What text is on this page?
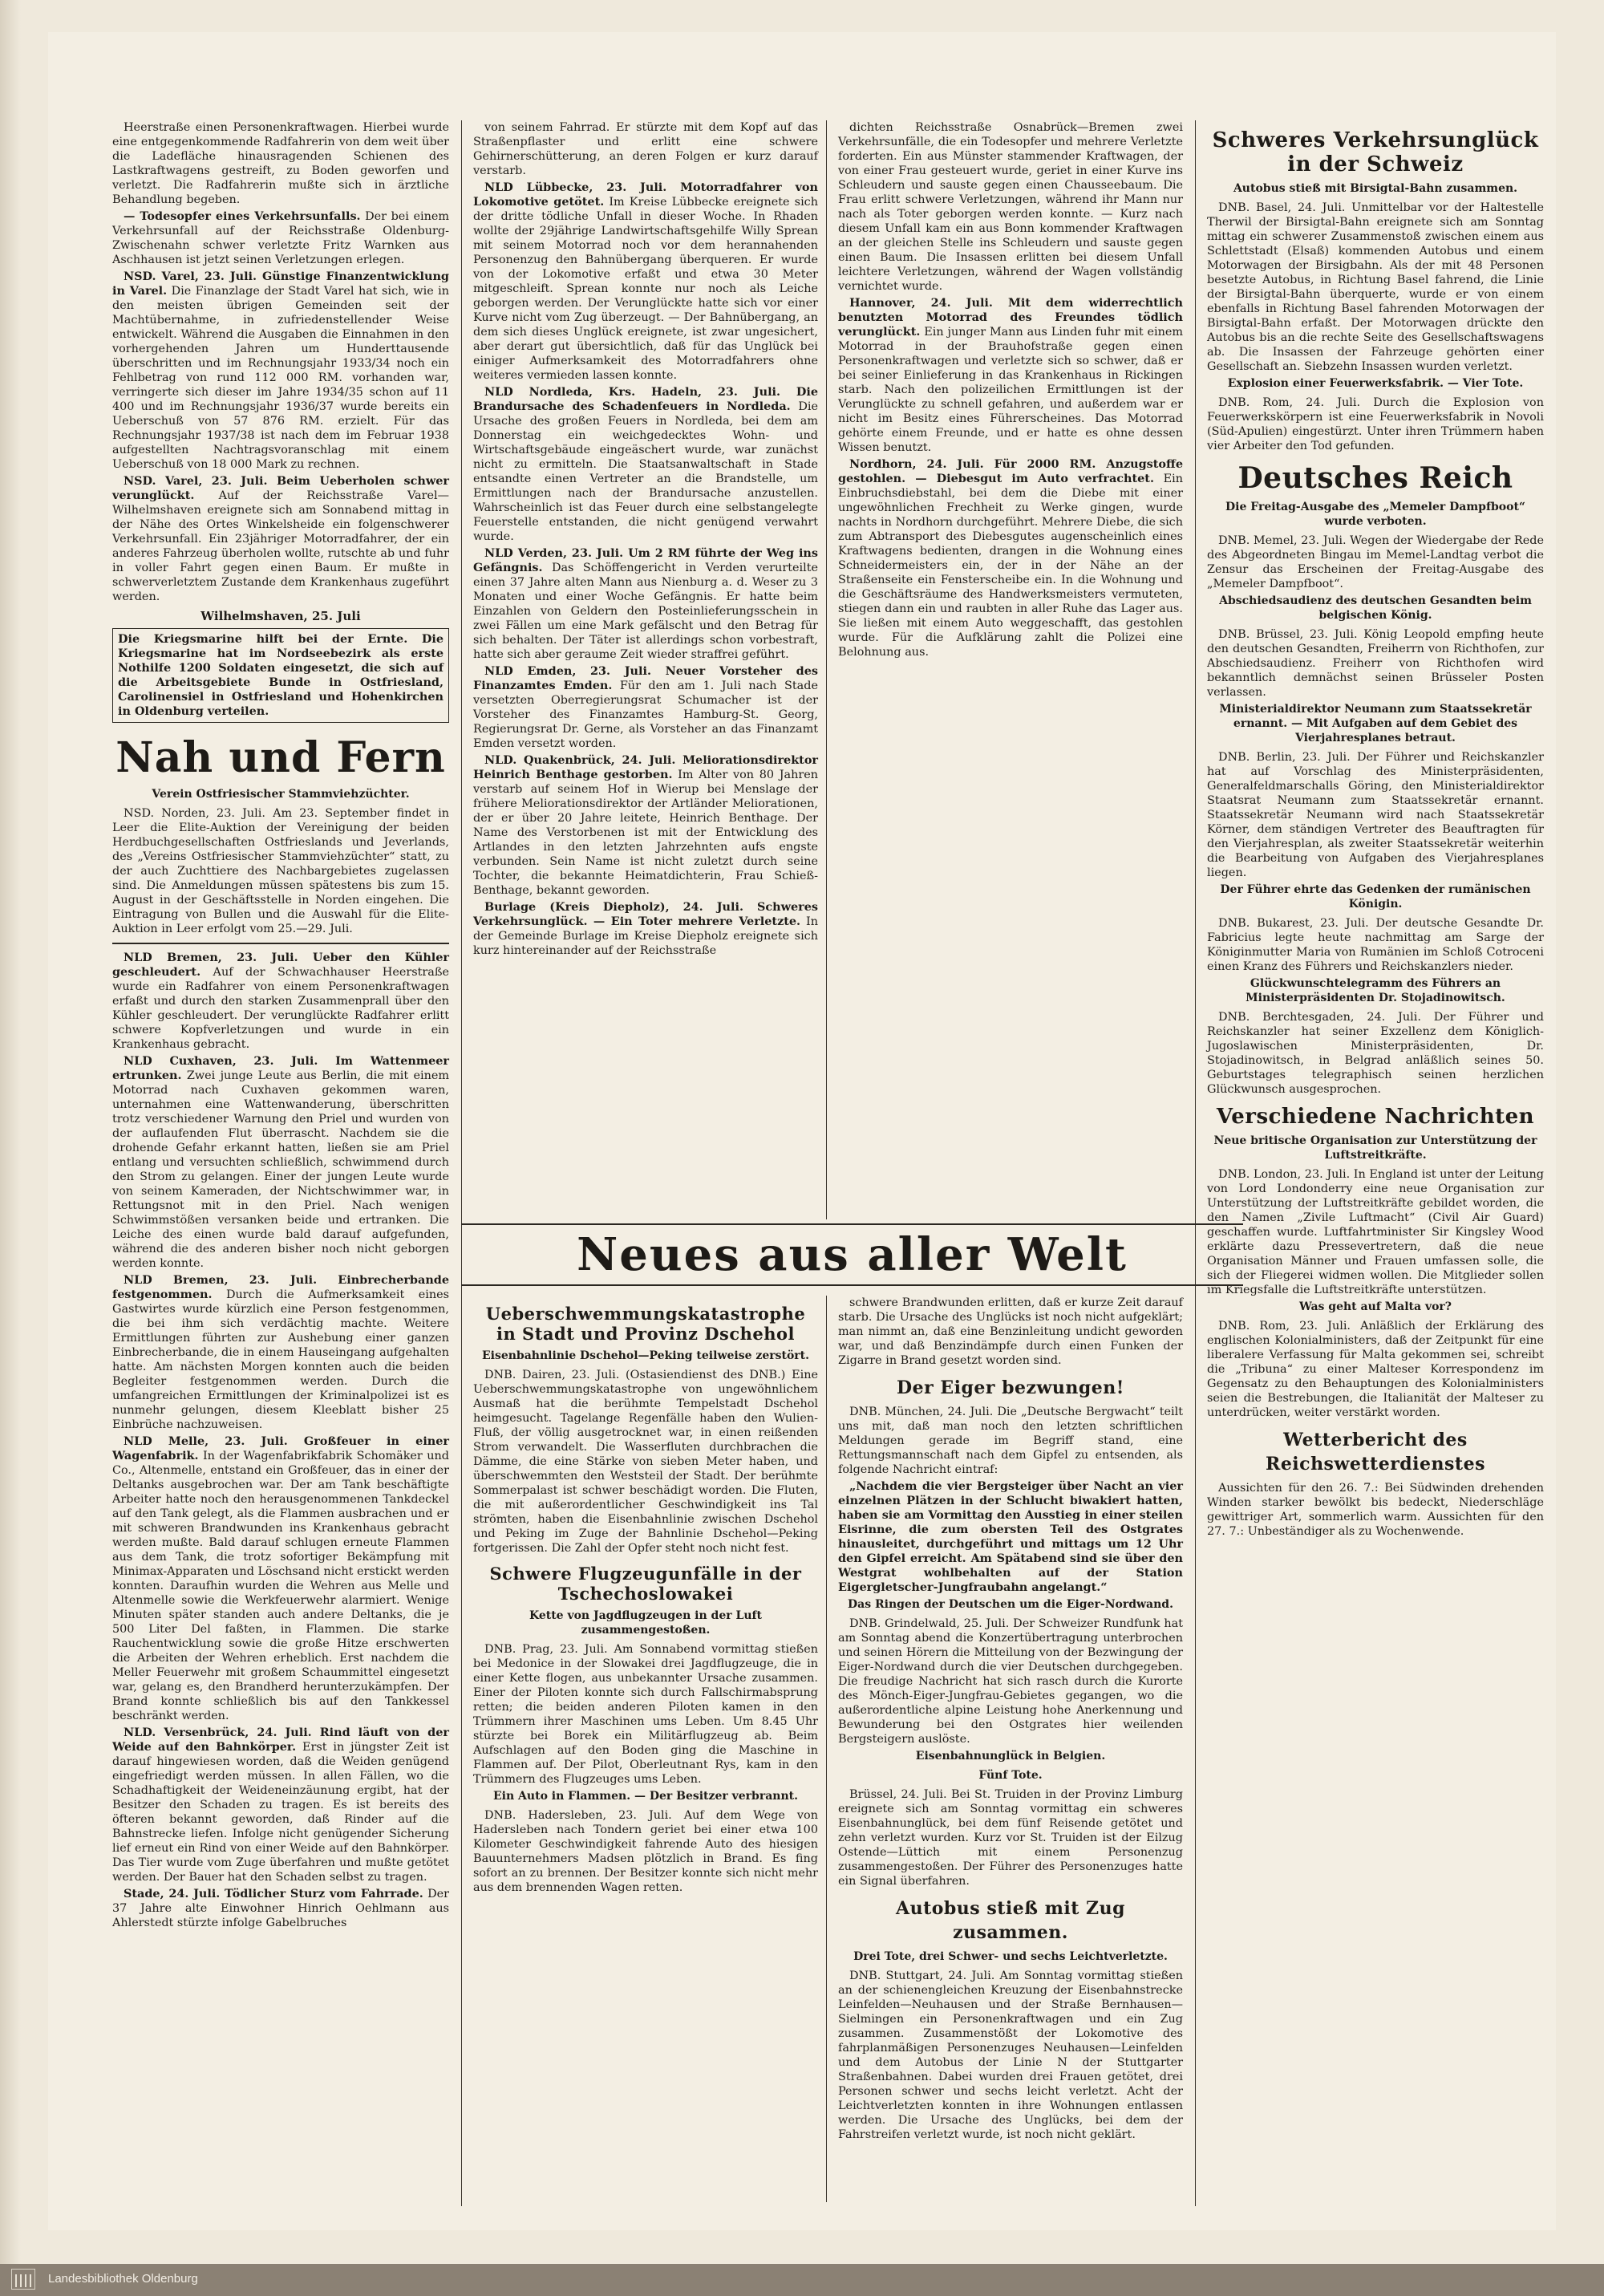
Heerstraße einen Personenkraftwagen. Hierbei wurde eine entgegenkommende Radfahrerin von dem weit über die Ladefläche hinausragenden Schienen des Lastkraftwagens gestreift, zu Boden geworfen und verletzt. Die Radfahrerin mußte sich in ärztliche Behandlung begeben.

— Todesopfer eines Verkehrsunfalls. Der bei einem Verkehrsunfall auf der Reichsstraße Oldenburg-Zwischenahn schwer verletzte Fritz Warnken aus Aschhausen ist jetzt seinen Verletzungen erlegen.

NSD. Varel, 23. Juli. Günstige Finanzentwicklung in Varel. Die Finanzlage der Stadt Varel hat sich, wie in den meisten übrigen Gemeinden seit der Machtübernahme, in zufriedenstellender Weise entwickelt. Während die Ausgaben die Einnahmen in den vorhergehenden Jahren um Hunderttausende überschritten und im Rechnungsjahr 1933/34 noch ein Fehlbetrag von rund 112 000 RM. vorhanden war, verringerte sich dieser im Jahre 1934/35 schon auf 11 400 und im Rechnungsjahr 1936/37 wurde bereits ein Ueberschuß von 57 876 RM. erzielt. Für das Rechnungsjahr 1937/38 ist nach dem im Februar 1938 aufgestellten Nachtragsvoranschlag mit einem Ueberschuß von 18 000 Mark zu rechnen.

NSD. Varel, 23. Juli. Beim Ueberholen schwer verunglückt. Auf der Reichsstraße Varel—Wilhelmshaven ereignete sich am Sonnabend mittag in der Nähe des Ortes Winkelsheide ein folgenschwerer Verkehrsunfall. Ein 23jähriger Motorradfahrer, der ein anderes Fahrzeug überholen wollte, rutschte ab und fuhr in voller Fahrt gegen einen Baum. Er mußte in schwerverletztem Zustande dem Krankenhaus zugeführt werden.

Wilhelmshaven, 25. Juli
Die Kriegsmarine hilft bei der Ernte. Die Kriegsmarine hat im Nordseebezirk als erste Nothilfe 1200 Soldaten eingesetzt, die sich auf die Arbeitsgebiete Bunde in Ostfriesland, Carolinensiel in Ostfriesland und Hohenkirchen in Oldenburg verteilen.
Nah und Fern
Verein Ostfriesischer Stammviehzüchter.

NSD. Norden, 23. Juli. Am 23. September findet in Leer die Elite-Auktion der Vereinigung der beiden Herdbuchgesellschaften Ostfrieslands und Jeverlands, des „Vereins Ostfriesischer Stammviehzüchter“ statt, zu der auch Zuchttiere des Nachbargebietes zugelassen sind. Die Anmeldungen müssen spätestens bis zum 15. August in der Geschäftsstelle in Norden eingehen. Die Eintragung von Bullen und die Auswahl für die Elite-Auktion in Leer erfolgt vom 25.—29. Juli.

NLD Bremen, 23. Juli. Ueber den Kühler geschleudert. Auf der Schwachhauser Heerstraße wurde ein Radfahrer von einem Personenkraftwagen erfaßt und durch den starken Zusammenprall über den Kühler geschleudert. Der verunglückte Radfahrer erlitt schwere Kopfverletzungen und wurde in ein Krankenhaus gebracht.

NLD Cuxhaven, 23. Juli. Im Wattenmeer ertrunken. Zwei junge Leute aus Berlin, die mit einem Motorrad nach Cuxhaven gekommen waren, unternahmen eine Wattenwanderung, überschritten trotz verschiedener Warnung den Priel und wurden von der auflaufenden Flut überrascht. Nachdem sie die drohende Gefahr erkannt hatten, ließen sie am Priel entlang und versuchten schließlich, schwimmend durch den Strom zu gelangen. Einer der jungen Leute wurde von seinem Kameraden, der Nichtschwimmer war, in Rettungsnot mit in den Priel. Nach wenigen Schwimmstößen versanken beide und ertranken. Die Leiche des einen wurde bald darauf aufgefunden, während die des anderen bisher noch nicht geborgen werden konnte.

NLD Bremen, 23. Juli. Einbrecherbande festgenommen. Durch die Aufmerksamkeit eines Gastwirtes wurde kürzlich eine Person festgenommen, die bei ihm sich verdächtig machte. Weitere Ermittlungen führten zur Aushebung einer ganzen Einbrecherbande, die in einem Hauseingang aufgehalten hatte. Am nächsten Morgen konnten auch die beiden Begleiter festgenommen werden. Durch die umfangreichen Ermittlungen der Kriminalpolizei ist es nunmehr gelungen, diesem Kleeblatt bisher 25 Einbrüche nachzuweisen.

NLD Melle, 23. Juli. Großfeuer in einer Wagenfabrik. In der Wagenfabrikfabrik Schomäker und Co., Altenmelle, entstand ein Großfeuer, das in einer der Deltanks ausgebrochen war. Der am Tank beschäftigte Arbeiter hatte noch den herausgenommenen Tankdeckel auf den Tank gelegt, als die Flammen ausbrachen und er mit schweren Brandwunden ins Krankenhaus gebracht werden mußte. Bald darauf schlugen erneute Flammen aus dem Tank, die trotz sofortiger Bekämpfung mit Minimax-Apparaten und Löschsand nicht erstickt werden konnten. Daraufhin wurden die Wehren aus Melle und Altenmelle sowie die Werkfeuerwehr alarmiert. Wenige Minuten später standen auch andere Deltanks, die je 500 Liter Del faßten, in Flammen. Die starke Rauchentwicklung sowie die große Hitze erschwerten die Arbeiten der Wehren erheblich. Erst nachdem die Meller Feuerwehr mit großem Schaummittel eingesetzt war, gelang es, den Brandherd herunterzukämpfen. Der Brand konnte schließlich bis auf den Tankkessel beschränkt werden.

NLD. Versenbrück, 24. Juli. Rind läuft von der Weide auf den Bahnkörper. Erst in jüngster Zeit ist darauf hingewiesen worden, daß die Weiden genügend eingefriedigt werden müssen. In allen Fällen, wo die Schadhaftigkeit der Weideneinzäunung ergibt, hat der Besitzer den Schaden zu tragen. Es ist bereits des öfteren bekannt geworden, daß Rinder auf die Bahnstrecke liefen. Infolge nicht genügender Sicherung lief erneut ein Rind von einer Weide auf den Bahnkörper. Das Tier wurde vom Zuge überfahren und mußte getötet werden. Der Bauer hat den Schaden selbst zu tragen.

Stade, 24. Juli. Tödlicher Sturz vom Fahrrade. Der 37 Jahre alte Einwohner Hinrich Oehlmann aus Ahlerstedt stürzte infolge Gabelbruches

von seinem Fahrrad. Er stürzte mit dem Kopf auf das Straßenpflaster und erlitt eine schwere Gehirnerschütterung, an deren Folgen er kurz darauf verstarb.

NLD Lübbecke, 23. Juli. Motorradfahrer von Lokomotive getötet. Im Kreise Lübbecke ereignete sich der dritte tödliche Unfall in dieser Woche. In Rhaden wollte der 29jährige Landwirtschaftsgehilfe Willy Sprean mit seinem Motorrad noch vor dem herannahenden Personenzug den Bahnübergang überqueren. Er wurde von der Lokomotive erfaßt und etwa 30 Meter mitgeschleift. Sprean konnte nur noch als Leiche geborgen werden. Der Verunglückte hatte sich vor einer Kurve nicht vom Zug überzeugt. — Der Bahnübergang, an dem sich dieses Unglück ereignete, ist zwar ungesichert, aber derart gut übersichtlich, daß für das Unglück bei einiger Aufmerksamkeit des Motorradfahrers ohne weiteres vermieden lassen konnte.

NLD Nordleda, Krs. Hadeln, 23. Juli. Die Brandursache des Schadenfeuers in Nordleda. Die Ursache des großen Feuers in Nordleda, bei dem am Donnerstag ein weichgedecktes Wohn- und Wirtschaftsgebäude eingeäschert wurde, war zunächst nicht zu ermitteln. Die Staatsanwaltschaft in Stade entsandte einen Vertreter an die Brandstelle, um Ermittlungen nach der Brandursache anzustellen. Wahrscheinlich ist das Feuer durch eine selbstangelegte Feuerstelle entstanden, die nicht genügend verwahrt wurde.

NLD Verden, 23. Juli. Um 2 RM führte der Weg ins Gefängnis. Das Schöffengericht in Verden verurteilte einen 37 Jahre alten Mann aus Nienburg a. d. Weser zu 3 Monaten und einer Woche Gefängnis. Er hatte beim Einzahlen von Geldern den Posteinlieferungsschein in zwei Fällen um eine Mark gefälscht und den Betrag für sich behalten. Der Täter ist allerdings schon vorbestraft, hatte sich aber geraume Zeit wieder straffrei geführt.

NLD Emden, 23. Juli. Neuer Vorsteher des Finanzamtes Emden. Für den am 1. Juli nach Stade versetzten Oberregierungsrat Schumacher ist der Vorsteher des Finanzamtes Hamburg-St. Georg, Regierungsrat Dr. Gerne, als Vorsteher an das Finanzamt Emden versetzt worden.

NLD. Quakenbrück, 24. Juli. Meliorationsdirektor Heinrich Benthage gestorben. Im Alter von 80 Jahren verstarb auf seinem Hof in Wierup bei Menslage der frühere Meliorationsdirektor der Artländer Meliorationen, der er über 20 Jahre leitete, Heinrich Benthage. Der Name des Verstorbenen ist mit der Entwicklung des Artlandes in den letzten Jahrzehnten aufs engste verbunden. Sein Name ist nicht zuletzt durch seine Tochter, die bekannte Heimatdichterin, Frau Schieß-Benthage, bekannt geworden.

Burlage (Kreis Diepholz), 24. Juli. Schweres Verkehrsunglück. — Ein Toter mehrere Verletzte. In der Gemeinde Burlage im Kreise Diepholz ereignete sich kurz hintereinander auf der Reichsstraße

dichten Reichsstraße Osnabrück—Bremen zwei Verkehrsunfälle, die ein Todesopfer und mehrere Verletzte forderten. Ein aus Münster stammender Kraftwagen, der von einer Frau gesteuert wurde, geriet in einer Kurve ins Schleudern und sauste gegen einen Chausseebaum. Die Frau erlitt schwere Verletzungen, während ihr Mann nur nach als Toter geborgen werden konnte. — Kurz nach diesem Unfall kam ein aus Bonn kommender Kraftwagen an der gleichen Stelle ins Schleudern und sauste gegen einen Baum. Die Insassen erlitten bei diesem Unfall leichtere Verletzungen, während der Wagen vollständig vernichtet wurde.

Hannover, 24. Juli. Mit dem widerrechtlich benutzten Motorrad des Freundes tödlich verunglückt. Ein junger Mann aus Linden fuhr mit einem Motorrad in der Brauhofstraße gegen einen Personenkraftwagen und verletzte sich so schwer, daß er bei seiner Einlieferung in das Krankenhaus in Rickingen starb. Nach den polizeilichen Ermittlungen ist der Verunglückte zu schnell gefahren, und außerdem war er nicht im Besitz eines Führerscheines. Das Motorrad gehörte einem Freunde, und er hatte es ohne dessen Wissen benutzt.

Nordhorn, 24. Juli. Für 2000 RM. Anzugstoffe gestohlen. — Diebesgut im Auto verfrachtet. Ein Einbruchsdiebstahl, bei dem die Diebe mit einer ungewöhnlichen Frechheit zu Werke gingen, wurde nachts in Nordhorn durchgeführt. Mehrere Diebe, die sich zum Abtransport des Diebesgutes augenscheinlich eines Kraftwagens bedienten, drangen in die Wohnung eines Schneidermeisters ein, der in der Nähe an der Straßenseite ein Fensterscheibe ein. In die Wohnung und die Geschäftsräume des Handwerksmeisters vermuteten, stiegen dann ein und raubten in aller Ruhe das Lager aus. Sie ließen mit einem Auto weggeschafft, das gestohlen wurde. Für die Aufklärung zahlt die Polizei eine Belohnung aus.

Schweres Verkehrsunglück in der Schweiz
Autobus stieß mit Birsigtal-Bahn zusammen.

DNB. Basel, 24. Juli. Unmittelbar vor der Haltestelle Therwil der Birsigtal-Bahn ereignete sich am Sonntag mittag ein schwerer Zusammenstoß zwischen einem aus Schlettstadt (Elsaß) kommenden Autobus und einem Motorwagen der Birsigbahn. Als der mit 48 Personen besetzte Autobus, in Richtung Basel fahrend, die Linie der Birsigtal-Bahn überquerte, wurde er von einem ebenfalls in Richtung Basel fahrenden Motorwagen der Birsigtal-Bahn erfaßt. Der Motorwagen drückte den Autobus bis an die rechte Seite des Gesellschaftswagens ab. Die Insassen der Fahrzeuge gehörten einer Gesellschaft an. Siebzehn Insassen wurden verletzt.

Explosion einer Feuerwerksfabrik. — Vier Tote.

DNB. Rom, 24. Juli. Durch die Explosion von Feuerwerkskörpern ist eine Feuerwerksfabrik in Novoli (Süd-Apulien) eingestürzt. Unter ihren Trümmern haben vier Arbeiter den Tod gefunden.

Deutsches Reich
Die Freitag-Ausgabe des „Memeler Dampfboot“ wurde verboten.

DNB. Memel, 23. Juli. Wegen der Wiedergabe der Rede des Abgeordneten Bingau im Memel-Landtag verbot die Zensur das Erscheinen der Freitag-Ausgabe des „Memeler Dampfboot“.

Abschiedsaudienz des deutschen Gesandten beim belgischen König.

DNB. Brüssel, 23. Juli. König Leopold empfing heute den deutschen Gesandten, Freiherrn von Richthofen, zur Abschiedsaudienz. Freiherr von Richthofen wird bekanntlich demnächst seinen Brüsseler Posten verlassen.

Ministerialdirektor Neumann zum Staatssekretär ernannt. — Mit Aufgaben auf dem Gebiet des Vierjahresplanes betraut.

DNB. Berlin, 23. Juli. Der Führer und Reichskanzler hat auf Vorschlag des Ministerpräsidenten, Generalfeldmarschalls Göring, den Ministerialdirektor Staatsrat Neumann zum Staatssekretär ernannt. Staatssekretär Neumann wird nach Staatssekretär Körner, dem ständigen Vertreter des Beauftragten für den Vierjahresplan, als zweiter Staatssekretär weiterhin die Bearbeitung von Aufgaben des Vierjahresplanes liegen.

Der Führer ehrte das Gedenken der rumänischen Königin.

DNB. Bukarest, 23. Juli. Der deutsche Gesandte Dr. Fabricius legte heute nachmittag am Sarge der Königinmutter Maria von Rumänien im Schloß Cotroceni einen Kranz des Führers und Reichskanzlers nieder.

Glückwunschtelegramm des Führers an Ministerpräsidenten Dr. Stojadinowitsch.

DNB. Berchtesgaden, 24. Juli. Der Führer und Reichskanzler hat seiner Exzellenz dem Königlich-Jugoslawischen Ministerpräsidenten, Dr. Stojadinowitsch, in Belgrad anläßlich seines 50. Geburtstages telegraphisch seinen herzlichen Glückwunsch ausgesprochen.

Verschiedene Nachrichten
Neue britische Organisation zur Unterstützung der Luftstreitkräfte.

DNB. London, 23. Juli. In England ist unter der Leitung von Lord Londonderry eine neue Organisation zur Unterstützung der Luftstreitkräfte gebildet worden, die den Namen „Zivile Luftmacht“ (Civil Air Guard) geschaffen wurde. Luftfahrtminister Sir Kingsley Wood erklärte dazu Pressevertretern, daß die neue Organisation Männer und Frauen umfassen solle, die sich der Fliegerei widmen wollen. Die Mitglieder sollen im Kriegsfalle die Luftstreitkräfte unterstützen.

Was geht auf Malta vor?

DNB. Rom, 23. Juli. Anläßlich der Erklärung des englischen Kolonialministers, daß der Zeitpunkt für eine liberalere Verfassung für Malta gekommen sei, schreibt die „Tribuna“ zu einer Malteser Korrespondenz im Gegensatz zu den Behauptungen des Kolonialministers seien die Bestrebungen, die Italianität der Malteser zu unterdrücken, weiter verstärkt worden.

Wetterbericht des Reichswetterdienstes

Aussichten für den 26. 7.: Bei Südwinden drehenden Winden starker bewölkt bis bedeckt, Niederschläge gewittriger Art, sommerlich warm. Aussichten für den 27. 7.: Unbeständiger als zu Wochenwende.

Neues aus aller Welt
Ueberschwemmungskatastrophe in Stadt und Provinz Dschehol
Eisenbahnlinie Dschehol—Peking teilweise zerstört.

DNB. Dairen, 23. Juli. (Ostasiendienst des DNB.) Eine Ueberschwemmungskatastrophe von ungewöhnlichem Ausmaß hat die berühmte Tempelstadt Dschehol heimgesucht. Tagelange Regenfälle haben den Wulien-Fluß, der völlig ausgetrocknet war, in einen reißenden Strom verwandelt. Die Wasserfluten durchbrachen die Dämme, die eine Stärke von sieben Meter haben, und überschwemmten den Weststeil der Stadt. Der berühmte Sommerpalast ist schwer beschädigt worden. Die Fluten, die mit außerordentlicher Geschwindigkeit ins Tal strömten, haben die Eisenbahnlinie zwischen Dschehol und Peking im Zuge der Bahnlinie Dschehol—Peking fortgerissen. Die Zahl der Opfer steht noch nicht fest.

Schwere Flugzeugunfälle in der Tschechoslowakei
Kette von Jagdflugzeugen in der Luft zusammengestoßen.

DNB. Prag, 23. Juli. Am Sonnabend vormittag stießen bei Medonice in der Slowakei drei Jagdflugzeuge, die in einer Kette flogen, aus unbekannter Ursache zusammen. Einer der Piloten konnte sich durch Fallschirmabsprung retten; die beiden anderen Piloten kamen in den Trümmern ihrer Maschinen ums Leben. Um 8.45 Uhr stürzte bei Borek ein Militärflugzeug ab. Beim Aufschlagen auf den Boden ging die Maschine in Flammen auf. Der Pilot, Oberleutnant Rys, kam in den Trümmern des Flugzeuges ums Leben.

Ein Auto in Flammen. — Der Besitzer verbrannt.

DNB. Hadersleben, 23. Juli. Auf dem Wege von Hadersleben nach Tondern geriet bei einer etwa 100 Kilometer Geschwindigkeit fahrende Auto des hiesigen Bauunternehmers Madsen plötzlich in Brand. Es fing sofort an zu brennen. Der Besitzer konnte sich nicht mehr aus dem brennenden Wagen retten.

schwere Brandwunden erlitten, daß er kurze Zeit darauf starb. Die Ursache des Unglücks ist noch nicht aufgeklärt; man nimmt an, daß eine Benzinleitung undicht geworden war, und daß Benzindämpfe durch einen Funken der Zigarre in Brand gesetzt worden sind.

Der Eiger bezwungen!

DNB. München, 24. Juli. Die „Deutsche Bergwacht“ teilt uns mit, daß man noch den letzten schriftlichen Meldungen gerade im Begriff stand, eine Rettungsmannschaft nach dem Gipfel zu entsenden, als folgende Nachricht eintraf:

„Nachdem die vier Bergsteiger über Nacht an vier einzelnen Plätzen in der Schlucht biwakiert hatten, haben sie am Vormittag den Ausstieg in einer steilen Eisrinne, die zum obersten Teil des Ostgrates hinausleitet, durchgeführt und mittags um 12 Uhr den Gipfel erreicht. Am Spätabend sind sie über den Westgrat wohlbehalten auf der Station Eigergletscher-Jungfraubahn angelangt.“

Das Ringen der Deutschen um die Eiger-Nordwand.

DNB. Grindelwald, 25. Juli. Der Schweizer Rundfunk hat am Sonntag abend die Konzertübertragung unterbrochen und seinen Hörern die Mitteilung von der Bezwingung der Eiger-Nordwand durch die vier Deutschen durchgegeben. Die freudige Nachricht hat sich rasch durch die Kurorte des Mönch-Eiger-Jungfrau-Gebietes gegangen, wo die außerordentliche alpine Leistung hohe Anerkennung und Bewunderung bei den Ostgrates hier weilenden Bergsteigern auslöste.

Eisenbahnunglück in Belgien.
Fünf Tote.

Brüssel, 24. Juli. Bei St. Truiden in der Provinz Limburg ereignete sich am Sonntag vormittag ein schweres Eisenbahnunglück, bei dem fünf Reisende getötet und zehn verletzt wurden. Kurz vor St. Truiden ist der Eilzug Ostende—Lüttich mit einem Personenzug zusammengestoßen. Der Führer des Personenzuges hatte ein Signal überfahren.

Autobus stieß mit Zug zusammen.
Drei Tote, drei Schwer- und sechs Leichtverletzte.

DNB. Stuttgart, 24. Juli. Am Sonntag vormittag stießen an der schienengleichen Kreuzung der Eisenbahnstrecke Leinfelden—Neuhausen und der Straße Bernhausen—Sielmingen ein Personenkraftwagen und ein Zug zusammen. Zusammenstößt der Lokomotive des fahrplanmäßigen Personenzuges Neuhausen—Leinfelden und dem Autobus der Linie N der Stuttgarter Straßenbahnen. Dabei wurden drei Frauen getötet, drei Personen schwer und sechs leicht verletzt. Acht der Leichtverletzten konnten in ihre Wohnungen entlassen werden. Die Ursache des Unglücks, bei dem der Fahrstreifen verletzt wurde, ist noch nicht geklärt.

Landesbibliothek Oldenburg
